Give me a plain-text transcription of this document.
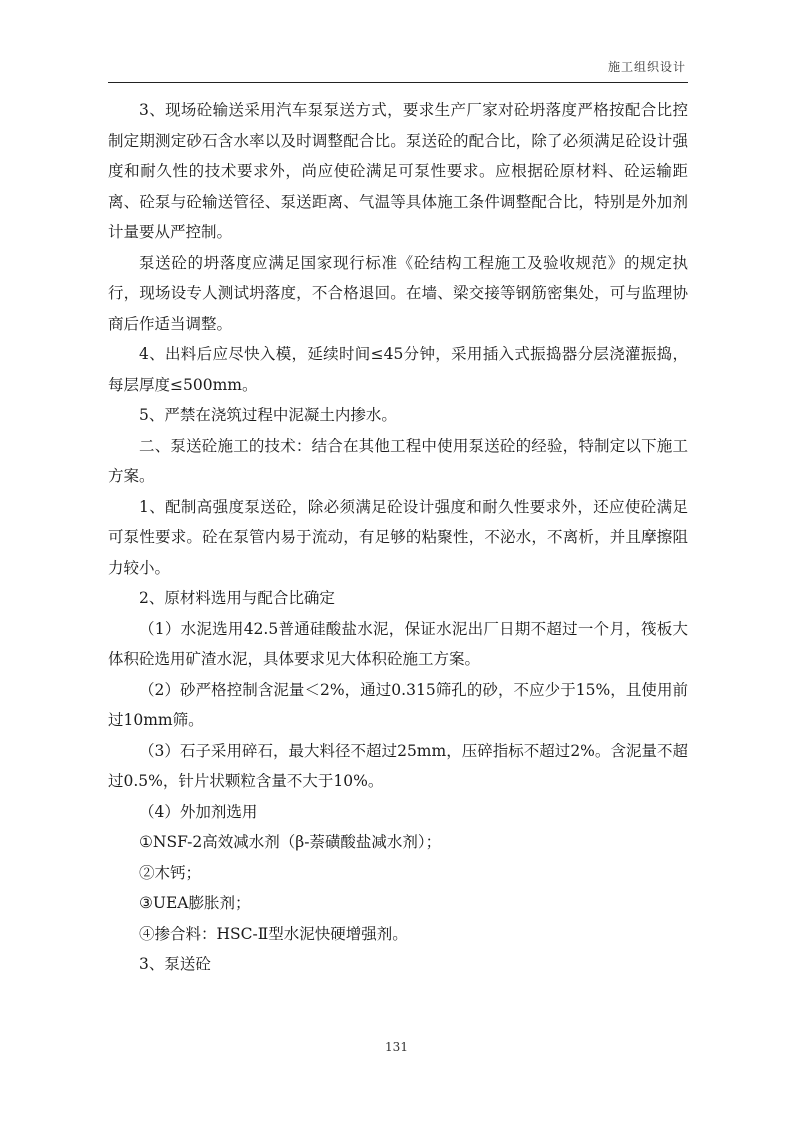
施工组织设计

3、现场砼输送采用汽车泵泵送方式，要求生产厂家对砼坍落度严格按配合比控制定期测定砂石含水率以及时调整配合比。泵送砼的配合比，除了必须满足砼设计强度和耐久性的技术要求外，尚应使砼满足可泵性要求。应根据砼原材料、砼运输距离、砼泵与砼输送管径、泵送距离、气温等具体施工条件调整配合比，特别是外加剂计量要从严控制。

泵送砼的坍落度应满足国家现行标准《砼结构工程施工及验收规范》的规定执行，现场设专人测试坍落度，不合格退回。在墙、梁交接等钢筋密集处，可与监理协商后作适当调整。

4、出料后应尽快入模，延续时间≤45分钟，采用插入式振捣器分层浇灌振捣，每层厚度≤500mm。

5、严禁在浇筑过程中泥凝土内掺水。

二、泵送砼施工的技术：结合在其他工程中使用泵送砼的经验，特制定以下施工方案。

1、配制高强度泵送砼，除必须满足砼设计强度和耐久性要求外，还应使砼满足可泵性要求。砼在泵管内易于流动，有足够的粘聚性，不泌水，不离析，并且摩擦阻力较小。

2、原材料选用与配合比确定

（1）水泥选用42.5普通硅酸盐水泥，保证水泥出厂日期不超过一个月，筏板大体积砼选用矿渣水泥，具体要求见大体积砼施工方案。

（2）砂严格控制含泥量＜2%，通过0.315筛孔的砂，不应少于15%，且使用前过10mm筛。

（3）石子采用碎石，最大料径不超过25mm，压碎指标不超过2%。含泥量不超过0.5%，针片状颗粒含量不大于10%。

（4）外加剂选用

①NSF-2高效减水剂（β-萘磺酸盐减水剂）；

②木钙；

③UEA膨胀剂；

④掺合料：HSC-Ⅱ型水泥快硬增强剂。

3、泵送砼

131
